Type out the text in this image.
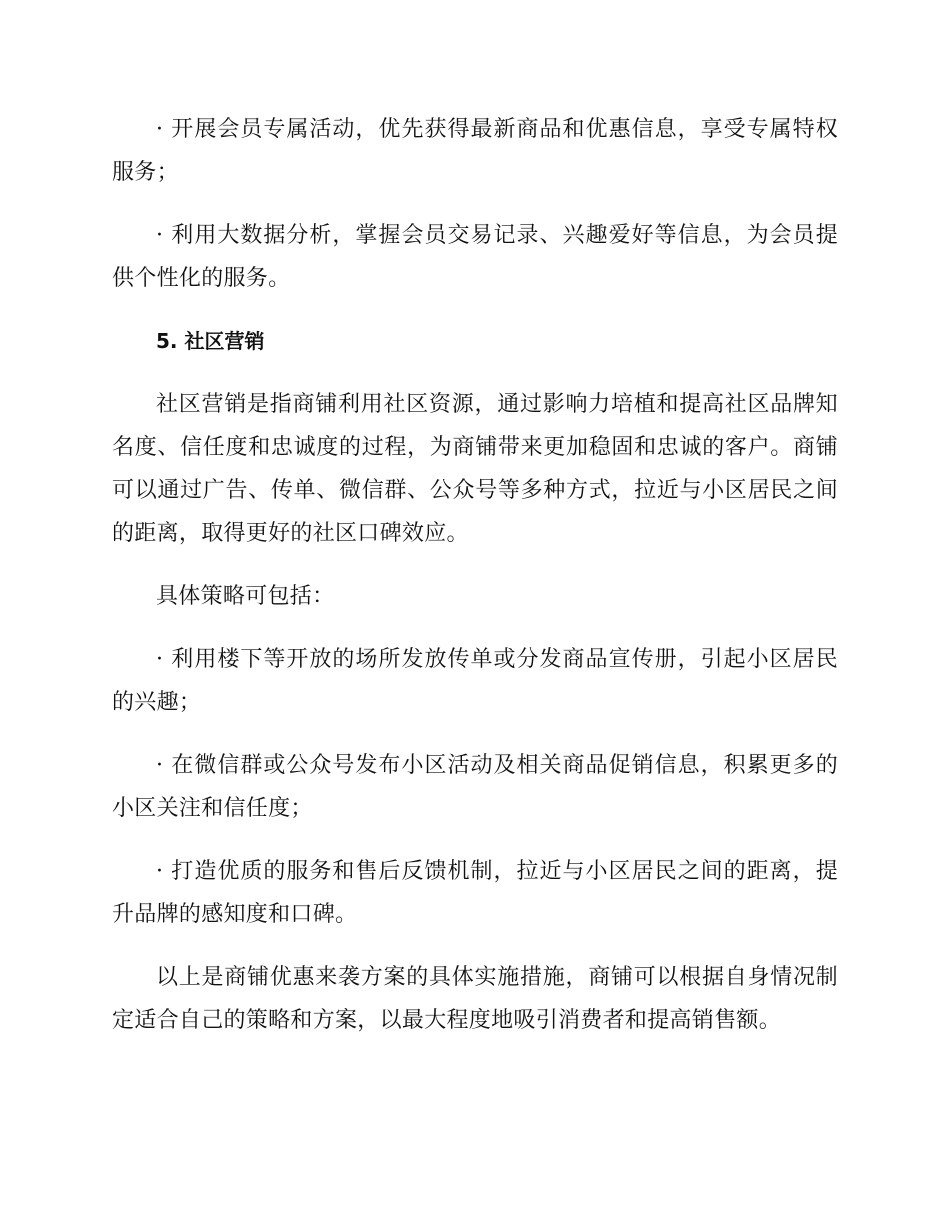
· 开展会员专属活动，优先获得最新商品和优惠信息，享受专属特权服务；

· 利用大数据分析，掌握会员交易记录、兴趣爱好等信息，为会员提供个性化的服务。

5. 社区营销

社区营销是指商铺利用社区资源，通过影响力培植和提高社区品牌知名度、信任度和忠诚度的过程，为商铺带来更加稳固和忠诚的客户。商铺可以通过广告、传单、微信群、公众号等多种方式，拉近与小区居民之间的距离，取得更好的社区口碑效应。

具体策略可包括：

· 利用楼下等开放的场所发放传单或分发商品宣传册，引起小区居民的兴趣；

· 在微信群或公众号发布小区活动及相关商品促销信息，积累更多的小区关注和信任度；

· 打造优质的服务和售后反馈机制，拉近与小区居民之间的距离，提升品牌的感知度和口碑。

以上是商铺优惠来袭方案的具体实施措施，商铺可以根据自身情况制定适合自己的策略和方案，以最大程度地吸引消费者和提高销售额。
